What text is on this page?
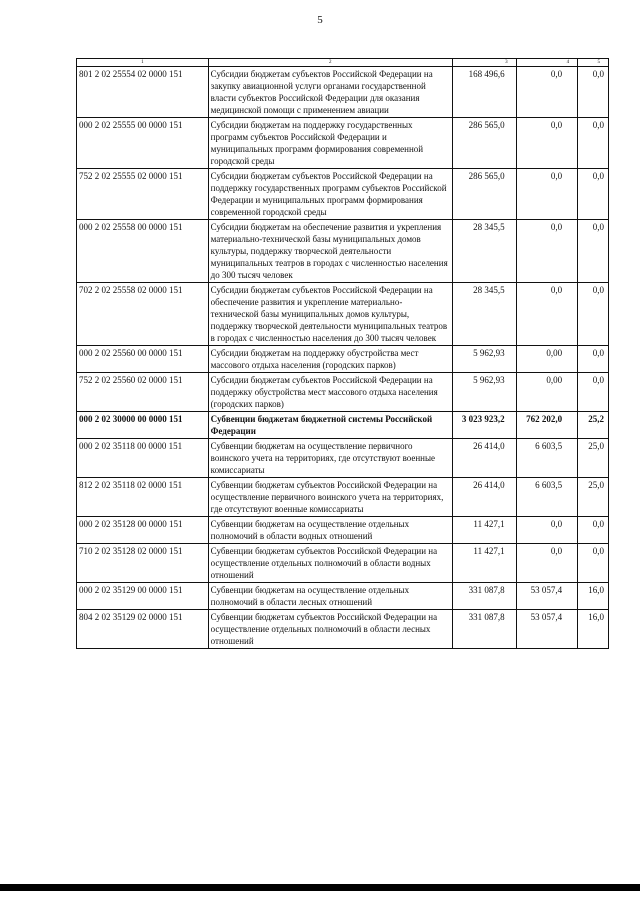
5
1	2	3	4	5
801 2 02 25554 02 0000 151	Субсидии бюджетам субъектов Российской Федерации на закупку авиационной услуги органами государственной власти субъектов Российской Федерации для оказания медицинской помощи с применением авиации	168 496,6	0,0	0,0
000 2 02 25555 00 0000 151	Субсидии бюджетам на поддержку государственных программ субъектов Российской Федерации и муниципальных программ формирования современной городской среды	286 565,0	0,0	0,0
752 2 02 25555 02 0000 151	Субсидии бюджетам субъектов Российской Федерации на поддержку государственных программ субъектов Российской Федерации и муниципальных программ формирования современной городской среды	286 565,0	0,0	0,0
000 2 02 25558 00 0000 151	Субсидии бюджетам на обеспечение развития и укрепления материально-технической базы муниципальных домов культуры, поддержку творческой деятельности муниципальных театров в городах с численностью населения до 300 тысяч человек	28 345,5	0,0	0,0
702 2 02 25558 02 0000 151	Субсидии бюджетам субъектов Российской Федерации на обеспечение развития и укрепление материально-технической базы муниципальных домов культуры, поддержку творческой деятельности муниципальных театров в городах с численностью населения до 300 тысяч человек	28 345,5	0,0	0,0
000 2 02 25560 00 0000 151	Субсидии бюджетам на поддержку обустройства мест массового отдыха населения (городских парков)	5 962,93	0,00	0,0
752 2 02 25560 02 0000 151	Субсидии бюджетам субъектов Российской Федерации на поддержку обустройства мест массового отдыха населения (городских парков)	5 962,93	0,00	0,0
000 2 02 30000 00 0000 151	Субвенции бюджетам бюджетной системы Российской Федерации	3 023 923,2	762 202,0	25,2
000 2 02 35118 00 0000 151	Субвенции бюджетам на осуществление первичного воинского учета на территориях, где отсутствуют военные комиссариаты	26 414,0	6 603,5	25,0
812 2 02 35118 02 0000 151	Субвенции бюджетам субъектов Российской Федерации на осуществление первичного воинского учета на территориях, где отсутствуют военные комиссариаты	26 414,0	6 603,5	25,0
000 2 02 35128 00 0000 151	Субвенции бюджетам на осуществление отдельных полномочий в области водных отношений	11 427,1	0,0	0,0
710 2 02 35128 02 0000 151	Субвенции бюджетам субъектов Российской Федерации на осуществление отдельных полномочий в области водных отношений	11 427,1	0,0	0,0
000 2 02 35129 00 0000 151	Субвенции бюджетам на осуществление отдельных полномочий в области лесных отношений	331 087,8	53 057,4	16,0
804 2 02 35129 02 0000 151	Субвенции бюджетам субъектов Российской Федерации на осуществление отдельных полномочий в области лесных отношений	331 087,8	53 057,4	16,0
